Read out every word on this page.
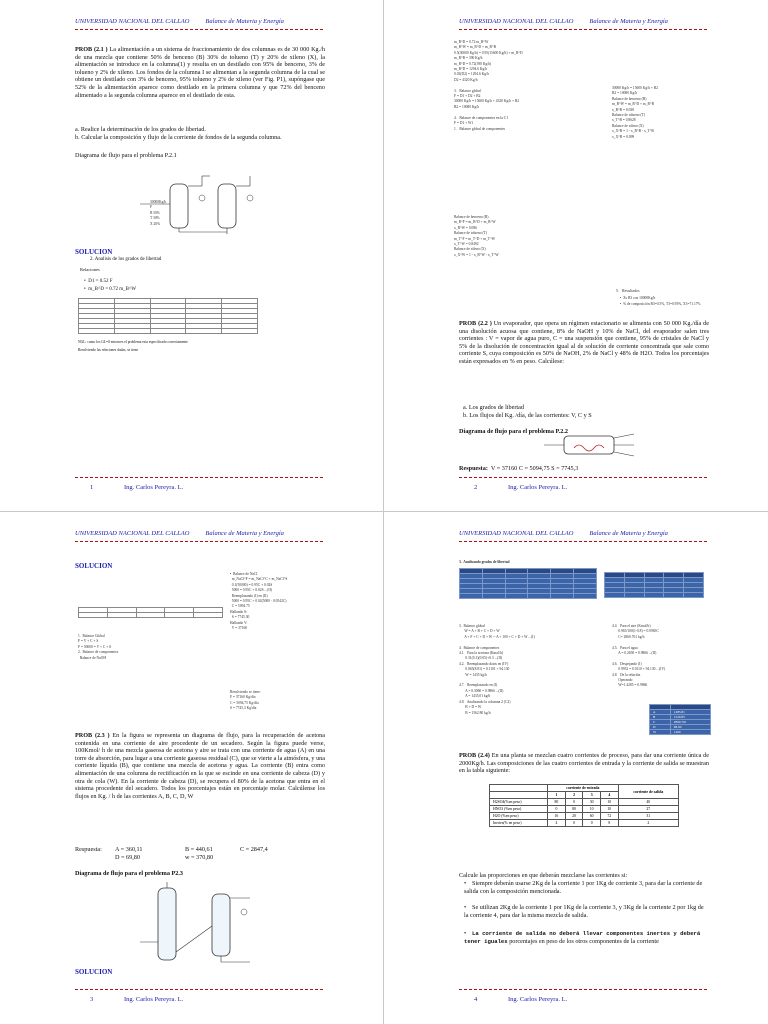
UNIVERSIDAD NACIONAL DEL CALLAO Balance de Materia y Energía
PROB (2.1 ) La alimentación a un sistema de fraccionamiento de dos columnas es de 30 000 Kg./h de una mezcla que contiene 50% de benceno (B) 30% de tolueno (T) y 20% de xileno (X), la alimentación se introduce en la columna(1) y resulta en un destilado con 95% de benceno, 3% de tolueno y 2% de xileno. Los fondos de la columna I se alimentan a la segunda columna de la cual se obtiene un destilado con 3% de benceno, 95% tolueno y 2% de xileno (ver Fig. P1), supóngase que 52% de la alimentación aparece como destilado en la primera columna y que 72% del benceno alimentado a la segunda columna aparece en el destilado de esta.
a. Realice la determinación de los grados de libertad.
b. Calcular la composición y flujo de la corriente de fondos de la segunda columna.
Diagrama de flujo para el problema P.2.1
30000Kg/h
F
B 50%
T 30%
X 20%
SOLUCION
2. Analisis de los grados de libertad
Relaciones
•  D1 = 0.52 F
•  m_B^D = 0.72 m_B^W

NGL: como los GL=0 entonces el problema esta especificado correctamente
Resolviendo las relaciones dadas, se tiene
1	Ing. Carlos Pereyra. L.
UNIVERSIDAD NACIONAL DEL CALLAO Balance de Materia y Energía
m_B^D = 0.72 m_B^W
m_B^W = m_B^D + m_B^B
0.5(30000 Kg/h) = 0.95(15600 Kg/h) + m_B^D
m_B^B = 390 Kg/h
m_B^D = 0.72(390 Kg/h)
m_B^D = 1294.6 Kg/h
0.03(D2) = 1294.6 Kg/h
D2 = 4320 Kg/h

3.   Balance global
F = D1 + D2 + B2
30000 Kg/h = 15600 Kg/h + 4320 Kg/h + B2
B2 = 10080 Kg/h

4.   Balance de componentes en la C1
F = D1 + W1
1.   Balance global de componentes
30000 Kg/h = 15600 Kg/h + B2
B2 = 10080 Kg/h
Balance de benceno (B)
m_B^W = m_B^D + m_B^B
x_B^B = 0.038
Balance de tolueno (T)
x_T^B = 0.8628
Balance de xileno (X)
x_X^B = 1 - x_B^B - x_T^B
x_X^B = 0.099
Balance de benceno (B)
m_B^F = m_B^D + m_B^W
x_B^W = 0.086
Balance de tolueno (T)
m_T^F = m_T^D + m_T^W
x_T^W = 0.8492
Balance de xileno (X)
x_X^W = 1 - x_B^W - x_T^W
5.   Resultados
•  Xs B3 con 10000Kg/h
•  % de composición B3=0.5%, T3=0.95%, X3=71.17%
PROB (2.2 ) Un evaporador, que opera un régimen estacionario se alimenta con 50 000 Kg./día de una disolución acuosa que contiene, 8% de NaOH y 10% de NaCl, del evaporador salen tres corrientes : V = vapor de agua puro, C = una suspensión que contiene, 95% de cristales de NaCl y 5% de la disolución de concentración igual al de solución de corriente concentrada que sale como corriente S, cuya composición es 50% de NaOH, 2% de NaCl y 48% de H2O. Todos los porcentajes están expresados en % en peso. Calcúlese:
a. Los grados de libertad
b. Los flujos del Kg. /día, de las corrientes: V, C y S
Diagrama de flujo para el problema P.2.2
Respuesta: V = 37160 C = 5094,75 S = 7745,3
2	Ing. Carlos Pereyra. L.
UNIVERSIDAD NACIONAL DEL CALLAO Balance de Materia y Energía
SOLUCION

1.  Balance Global
F = V + C + S
F = 50000 = V + C + S
2.  Balance de componentes
Balance de NaOH
•  Balance de NaCl
m_NaCl^F = m_NaCl^C + m_NaCl^S
0.1(50000) = 0.95C + 0.02S
5000 = 0.95C + 0.02S ...(II)
Reemplazando (I) en (II)
5000 = 0.95C + 0.02(5000 - 0.0542C)
C = 5094.75
Hallando S:
S = 7745.30
Hallando V:
V = 37160
Resolviendo se tiene:
F = 37160 Kg/día
C = 5094,75 Kg/día
S = 7745,3 Kg/día
PROB (2.3 ) En la figura se representa un diagrama de flujo, para la recuperación de acetona contenida en una corriente de aire procedente de un secadero. Según la figura puede verse, 100Kmol/ h de una mezcla gaseosa de acetona y aire se trata con una corriente de agua (A) en una torre de absorción, para lugar a una corriente gaseosa residual (C), que se vierte a la atmósfera, y una corriente líquida (B), que contiene una mezcla de acetona y agua. La corriente (B) entra como alimentación de una columna de rectificación en la que se escinde en una corriente de cabeza (D) y otra de cola (W). En la corriente de cabeza (D), se recupera el 80% de la acetona que entra en el sistema procedente del secadero. Todos los porcentajes están en porcentaje molar. Calcúlense los flujos en Kg. / h de las corrientes A, B, C, D, W
Respuesta:	A = 360,11	B = 440,61	C = 2847,4
D = 69,80	w = 370,80
Diagrama de flujo para el problema P2.3
SOLUCION
3	Ing. Carlos Pereyra. L.
UNIVERSIDAD NACIONAL DEL CALLAO Balance de Materia y Energía
3.  Analisando grados de libertad

3.  Balance global
W = A + B + C + D + W
A + F + C + D + W -- A + 100 + C + D + W ...(I)

4.  Balance de componentes
4.1.   Para la acetona (Kmol/h)
0.31(0.1)(0.05)+0.3 ...(II)
4.2.   Reemplazando datos en (IV)
0.065(8.81) = 0.1101 + 94.130
W = 1435 kg/h

4.7.   Reemplazando en (I)
A = 0.3060 = 0.9866 ...(II)
A = 1435.01 kg/h
4.8.   Analizando la columna 2 (C2)
B + D = W
B = 1562.80 kg/h
4.4.   Para el aire (Kmol/h)
0.965/100(1-0.8) = 0.0965C
C= 2860.761 kg/h

4.5.   Para el agua
A = 0.2650 = 0.9866 ...(II)

4.6.   Despejando (I)
0.9952 = 0.0110 + 94.130 ...(IV)
4.8.   De la relación
Operando
W=1.4285 = 0.9866

A	1485.81
B	1520.85
C	2860.761
D	98.90
W	1460
PROB (2.4) En una planta se mezclan cuatro corrientes de proceso, para dar una corriente única de 2000Kg/h. Las composiciones de las cuatro corrientes de entrada y la corriente de salida se muestran en la tabla siguiente:
	corriente de entrada				corriente de salida
	1	2	3	4	
H2SO4(%en peso)	80	0	30	10	40
HNO3 (%en peso)	0	80	10	10	27
H2O (%en peso)	16	20	60	72	31
Inertes(% en peso)	4	0	0	8	2
Calcule las proporciones en que deberán mezclarse las corrientes si:
• Siempre deberán usarse 2Kg de la corriente 1 por 1Kg de corriente 3, para dar la corriente de salida con la composición mencionada.
• Se utilizan 2Kg de la corriente 1 por 1Kg de la corriente 3, y 3Kg de la corriente 2 por 1kg de la corriente 4, para dar la misma mezcla de salida.
• La corriente de salida no deberá llevar componentes inertes y deberá tener iguales porcentajes en peso de los otros componentes de la corriente
4	Ing. Carlos Pereyra. L.
